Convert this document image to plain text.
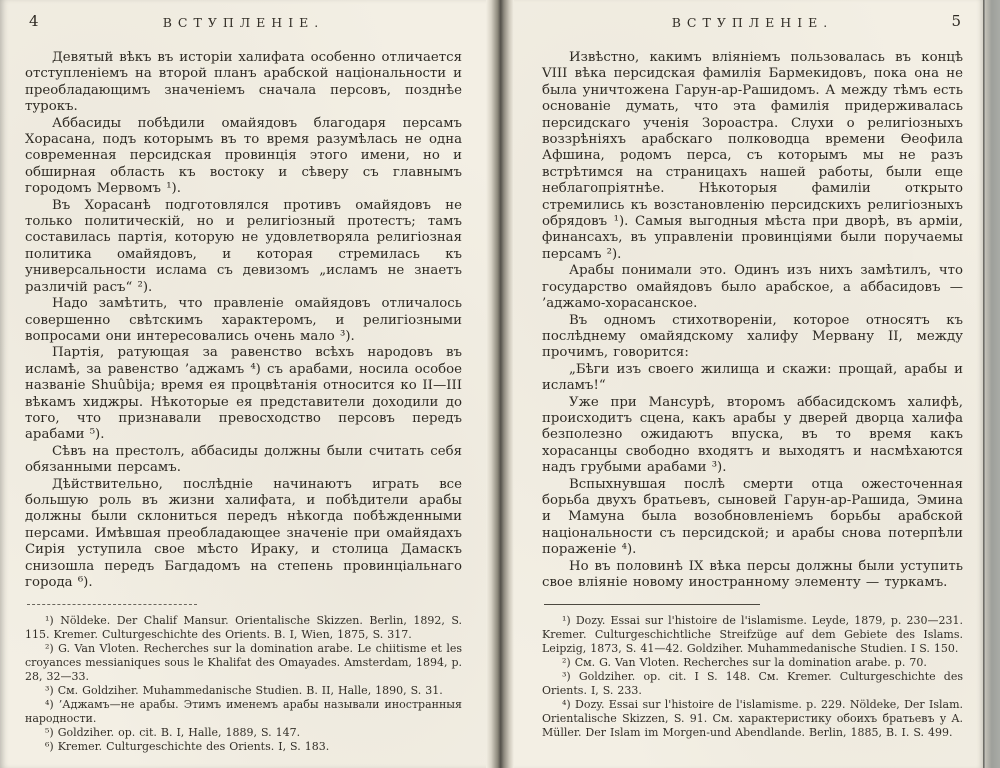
4	ВСТУПЛЕНІЕ.

Девятый вѣкъ въ исторіи халифата особенно отличается отступленіемъ на второй планъ арабской національности и преобладающимъ значеніемъ сначала персовъ, позднѣе турокъ.

Аббасиды побѣдили омайядовъ благодаря персамъ Хорасана, подъ которымъ въ то время разумѣлась не одна современная персидская провинція этого имени, но и обширная область къ востоку и сѣверу съ главнымъ городомъ Мервомъ ¹).

Въ Хорасанѣ подготовлялся противъ омайядовъ не только политическій, но и религіозный протестъ; тамъ составилась партія, которую не удовлетворяла религіозная политика омайядовъ, и которая стремилась къ универсальности ислама съ девизомъ „исламъ не знаетъ различій расъ“ ²).

Надо замѣтить, что правленіе омайядовъ отличалось совершенно свѣтскимъ характеромъ, и религіозными вопросами они интересовались очень мало ³).

Партія, ратующая за равенство всѣхъ народовъ въ исламѣ, за равенство ’аджамъ ⁴) съ арабами, носила особое названіе Shuûbija; время ея процвѣтанія относится ко II—III вѣкамъ хиджры. Нѣкоторые ея представители доходили до того, что признавали превосходство персовъ передъ арабами ⁵).

Сѣвъ на престолъ, аббасиды должны были считать себя обязанными персамъ.

Дѣйствительно, послѣдніе начинаютъ играть все большую роль въ жизни халифата, и побѣдители арабы должны были склониться передъ нѣкогда побѣжденными персами. Имѣвшая преобладающее значеніе при омайядахъ Сирія уступила свое мѣсто Ираку, и столица Дамаскъ снизошла передъ Багдадомъ на степень провинціальнаго города ⁶).

¹) Nöldeke. Der Chalif Mansur. Orientalische Skizzen. Berlin, 1892, S. 115. Kremer. Culturgeschichte des Orients. B. I, Wien, 1875, S. 317.

²) G. Van Vloten. Recherches sur la domination arabe. Le chiitisme et les croyances messianiques sous le Khalifat des Omayades. Amsterdam, 1894, p. 28, 32—33.

³) См. Goldziher. Muhammedanische Studien. B. II, Halle, 1890, S. 31.

⁴) ’Аджамъ—не арабы. Этимъ именемъ арабы называли иностранныя народности.

⁵) Goldziher. op. cit. B. I, Halle, 1889, S. 147.

⁶) Kremer. Culturgeschichte des Orients. I, S. 183.

ВСТУПЛЕНІЕ.	5

Извѣстно, какимъ вліяніемъ пользовалась въ концѣ VIII вѣка персидская фамилія Бармекидовъ, пока она не была уничтожена Гарун-ар-Рашидомъ. А между тѣмъ есть основаніе думать, что эта фамилія придерживалась персидскаго ученія Зороастра. Слухи о религіозныхъ воззрѣніяхъ арабскаго полководца времени Ѳеофила Афшина, родомъ перса, съ которымъ мы не разъ встрѣтимся на страницахъ нашей работы, были еще неблагопріятнѣе. Нѣкоторыя фамиліи открыто стремились къ возстановленію персидскихъ религіозныхъ обрядовъ ¹). Самыя выгодныя мѣста при дворѣ, въ арміи, финансахъ, въ управленіи провинціями были поручаемы персамъ ²).

Арабы понимали это. Одинъ изъ нихъ замѣтилъ, что государство омайядовъ было арабское, а аббасидовъ — ’аджамо-хорасанское.

Въ одномъ стихотвореніи, которое относятъ къ послѣднему омайядскому халифу Мервану II, между прочимъ, говорится:

„Бѣги изъ своего жилища и скажи: прощай, арабы и исламъ!“

Уже при Мансурѣ, второмъ аббасидскомъ халифѣ, происходитъ сцена, какъ арабы у дверей дворца халифа безполезно ожидаютъ впуска, въ то время какъ хорасанцы свободно входятъ и выходятъ и насмѣхаются надъ грубыми арабами ³).

Вспыхнувшая послѣ смерти отца ожесточенная борьба двухъ братьевъ, сыновей Гарун-ар-Рашида, Эмина и Мамуна была возобновленіемъ борьбы арабской національности съ персидской; и арабы снова потерпѣли пораженіе ⁴).

Но въ половинѣ IX вѣка персы должны были уступить свое вліяніе новому иностранному элементу — туркамъ.

¹) Dozy. Essai sur l'histoire de l'islamisme. Leyde, 1879, p. 230—231. Kremer. Culturgeschichtliche Streifzüge auf dem Gebiete des Islams. Leipzig, 1873, S. 41—42. Goldziher. Muhammedanische Studien. I S. 150.

²) См. G. Van Vloten. Recherches sur la domination arabe. p. 70.

³) Goldziher. op. cit. I S. 148. См. Kremer. Culturgeschichte des Orients. I, S. 233.

⁴) Dozy. Essai sur l'histoire de l'islamisme. p. 229. Nöldeke, Der Islam. Orientalische Skizzen, S. 91. См. характеристику обоихъ братьевъ у A. Müller. Der Islam im Morgen-und Abendlande. Berlin, 1885, B. I. S. 499.
